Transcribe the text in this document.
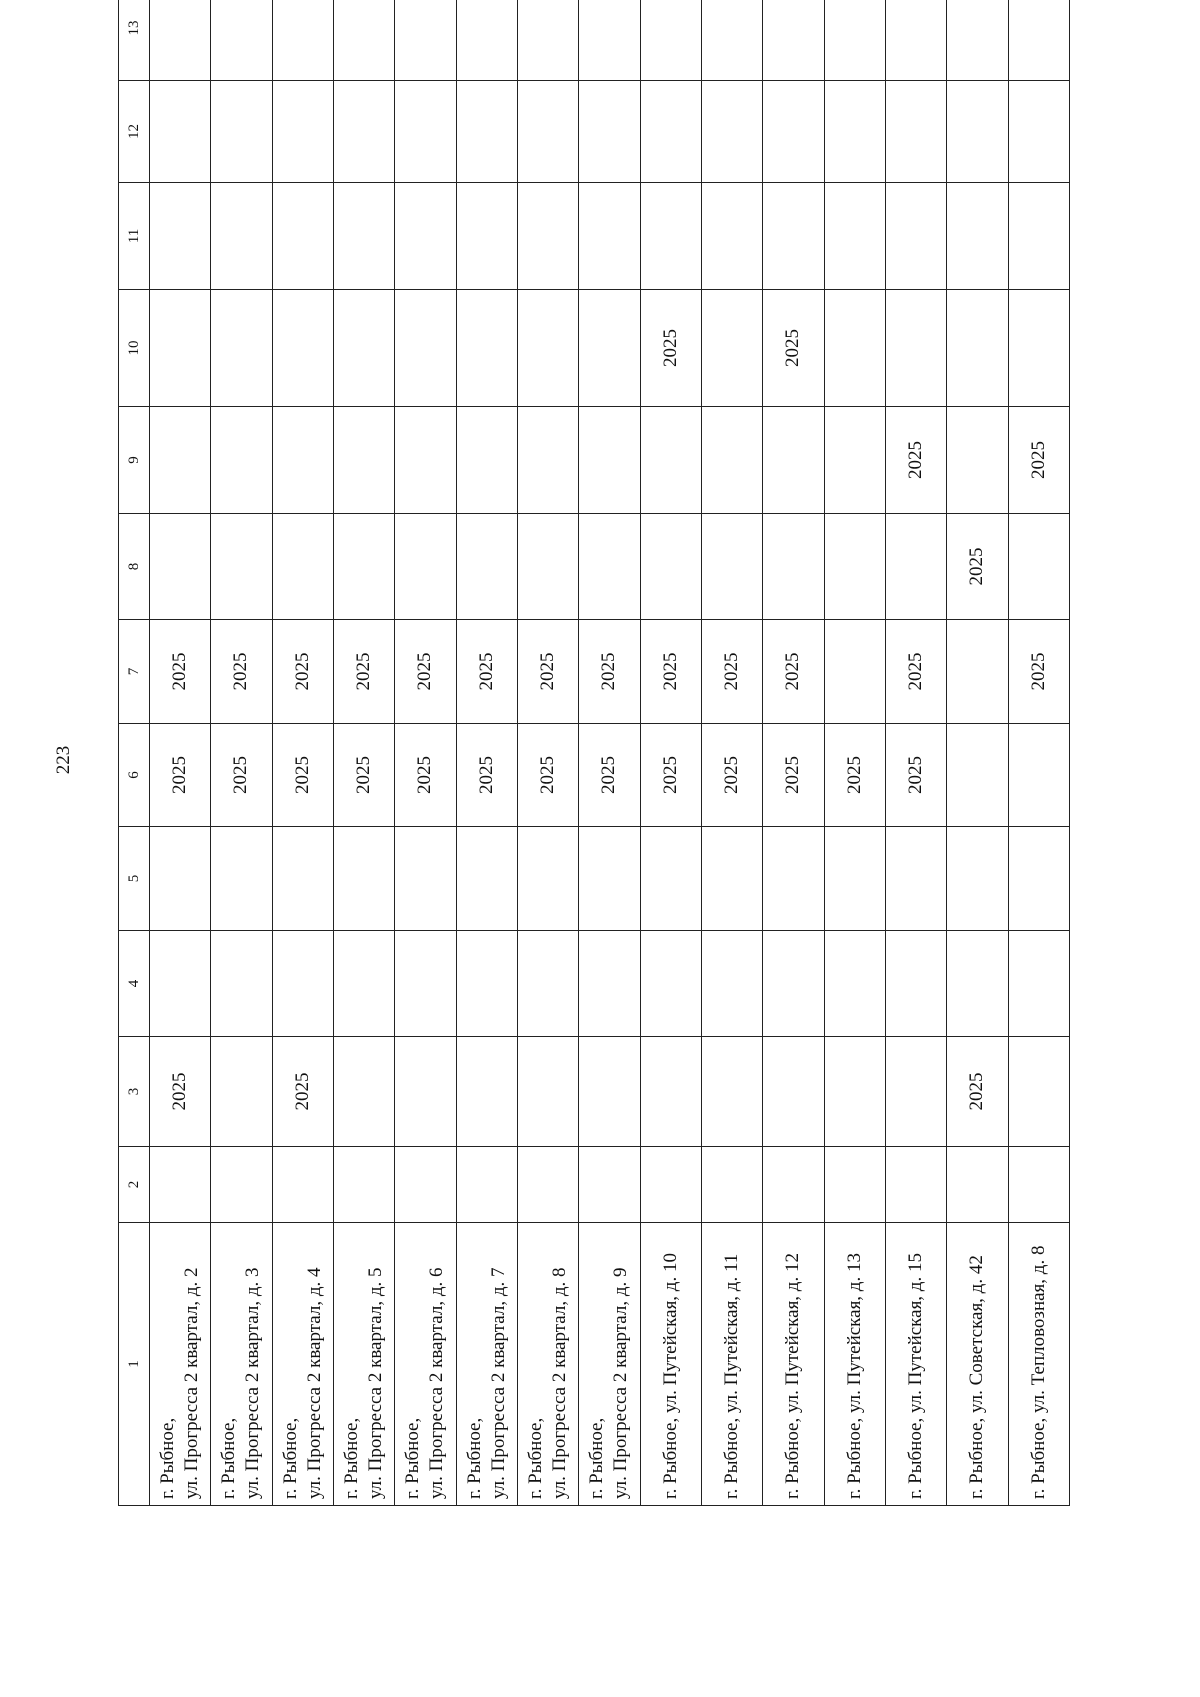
223
1	2	3	4	5	6	7	8	9	10	11	12	13
г. Рыбное,
ул. Прогресса 2 квартал, д. 2		2025			2025	2025						
г. Рыбное,
ул. Прогресса 2 квартал, д. 3					2025	2025						
г. Рыбное,
ул. Прогресса 2 квартал, д. 4		2025			2025	2025						
г. Рыбное,
ул. Прогресса 2 квартал, д. 5					2025	2025						
г. Рыбное,
ул. Прогресса 2 квартал, д. 6					2025	2025						
г. Рыбное,
ул. Прогресса 2 квартал, д. 7					2025	2025						
г. Рыбное,
ул. Прогресса 2 квартал, д. 8					2025	2025						
г. Рыбное,
ул. Прогресса 2 квартал, д. 9					2025	2025						
г. Рыбное, ул. Путейская, д. 10					2025	2025			2025			
г. Рыбное, ул. Путейская, д. 11					2025	2025						
г. Рыбное, ул. Путейская, д. 12					2025	2025			2025			
г. Рыбное, ул. Путейская, д. 13					2025							
г. Рыбное, ул. Путейская, д. 15					2025	2025		2025				
г. Рыбное, ул. Советская, д. 42		2025					2025					
г. Рыбное, ул. Тепловозная, д. 8						2025		2025				
